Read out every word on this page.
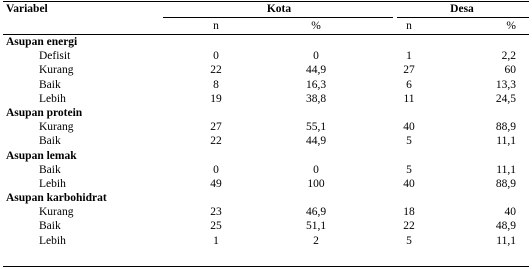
Variabel	Kota	Desa
n	%	n	%
Asupan energi
Defisit	0	0	1	2,2
Kurang	22	44,9	27	60
Baik	8	16,3	6	13,3
Lebih	19	38,8	11	24,5
Asupan protein
Kurang	27	55,1	40	88,9
Baik	22	44,9	5	11,1
Asupan lemak
Baik	0	0	5	11,1
Lebih	49	100	40	88,9
Asupan karbohidrat
Kurang	23	46,9	18	40
Baik	25	51,1	22	48,9
Lebih	1	2	5	11,1
